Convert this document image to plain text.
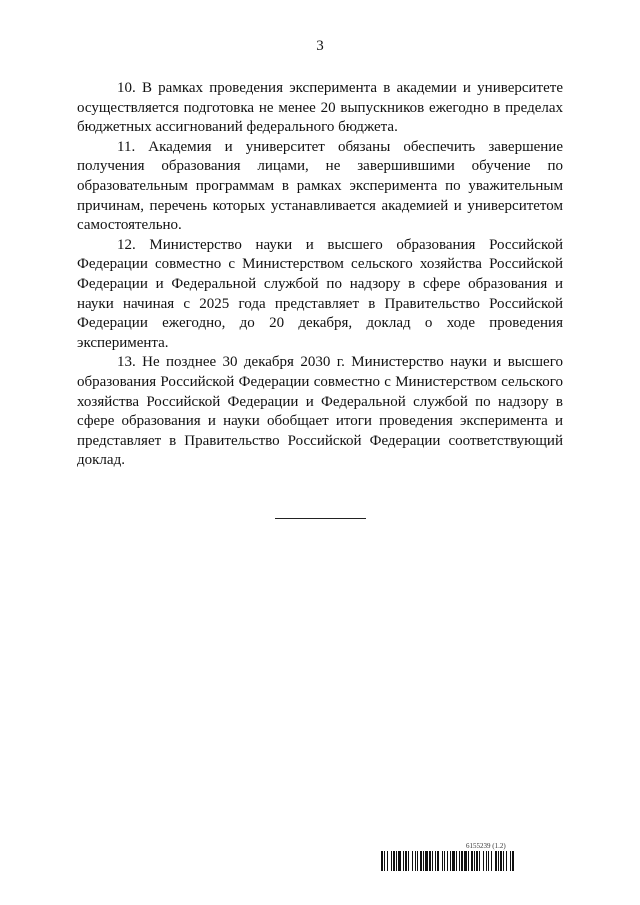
3

10. В рамках проведения эксперимента в академии и университете осуществляется подготовка не менее 20 выпускников ежегодно в пределах бюджетных ассигнований федерального бюджета.

11. Академия и университет обязаны обеспечить завершение получения образования лицами, не завершившими обучение по образовательным программам в рамках эксперимента по уважительным причинам, перечень которых устанавливается академией и университетом самостоятельно.

12. Министерство науки и высшего образования Российской Федерации совместно с Министерством сельского хозяйства Российской Федерации и Федеральной службой по надзору в сфере образования и науки начиная с 2025 года представляет в Правительство Российской Федерации ежегодно, до 20 декабря, доклад о ходе проведения эксперимента.

13. Не позднее 30 декабря 2030 г. Министерство науки и высшего образования Российской Федерации совместно с Министерством сельского хозяйства Российской Федерации и Федеральной службой по надзору в сфере образования и науки обобщает итоги проведения эксперимента и представляет в Правительство Российской Федерации соответствующий доклад.

6155239 (1.2)
